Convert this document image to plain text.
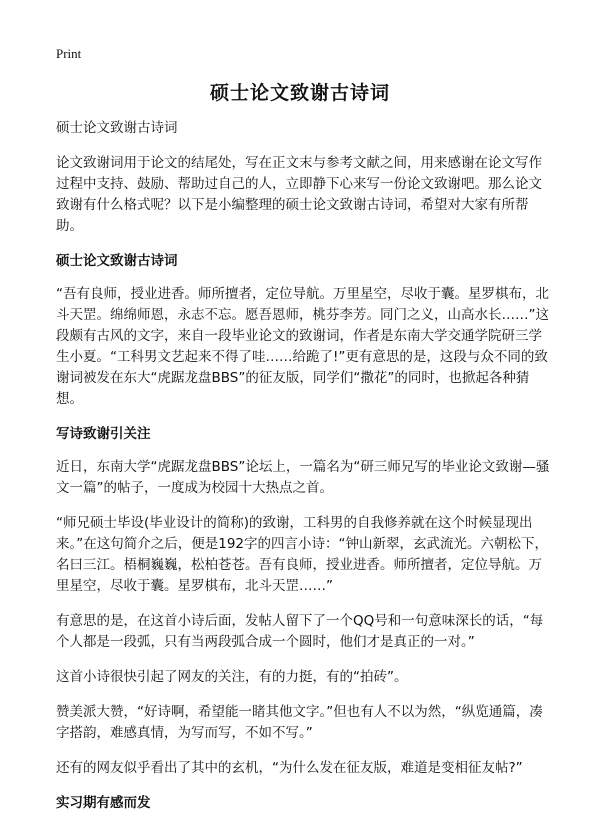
Print
硕士论文致谢古诗词

硕士论文致谢古诗词

论文致谢词用于论文的结尾处，写在正文末与参考文献之间，用来感谢在论文写作过程中支持、鼓励、帮助过自己的人，立即静下心来写一份论文致谢吧。那么论文致谢有什么格式呢？以下是小编整理的硕士论文致谢古诗词，希望对大家有所帮助。

硕士论文致谢古诗词

“吾有良师，授业进香。师所擅者，定位导航。万里星空，尽收于囊。星罗棋布，北斗天罡。绵绵师恩，永志不忘。愿吾恩师，桃芬李芳。同门之义，山高水长……”这段颇有古风的文字，来自一段毕业论文的致谢词，作者是东南大学交通学院研三学生小夏。“工科男文艺起来不得了哇……给跪了!”更有意思的是，这段与众不同的致谢词被发在东大“虎踞龙盘BBS”的征友版，同学们“撒花”的同时，也掀起各种猜想。

写诗致谢引关注

近日，东南大学“虎踞龙盘BBS”论坛上，一篇名为“研三师兄写的毕业论文致谢—骚文一篇”的帖子，一度成为校园十大热点之首。

“师兄硕士毕设(毕业设计的简称)的致谢，工科男的自我修养就在这个时候显现出来。”在这句简介之后，便是192字的四言小诗：“钟山新翠，玄武流光。六朝松下，名曰三江。梧桐巍巍，松柏苍苍。吾有良师，授业进香。师所擅者，定位导航。万里星空，尽收于囊。星罗棋布，北斗天罡……”

有意思的是，在这首小诗后面，发帖人留下了一个QQ号和一句意味深长的话，“每个人都是一段弧，只有当两段弧合成一个圆时，他们才是真正的一对。”

这首小诗很快引起了网友的关注，有的力挺，有的“拍砖”。

赞美派大赞，“好诗啊，希望能一睹其他文字。”但也有人不以为然，“纵览通篇，凑字搭韵，难感真情，为写而写，不如不写。”

还有的网友似乎看出了其中的玄机，“为什么发在征友版，难道是变相征友帖?”

实习期有感而发
